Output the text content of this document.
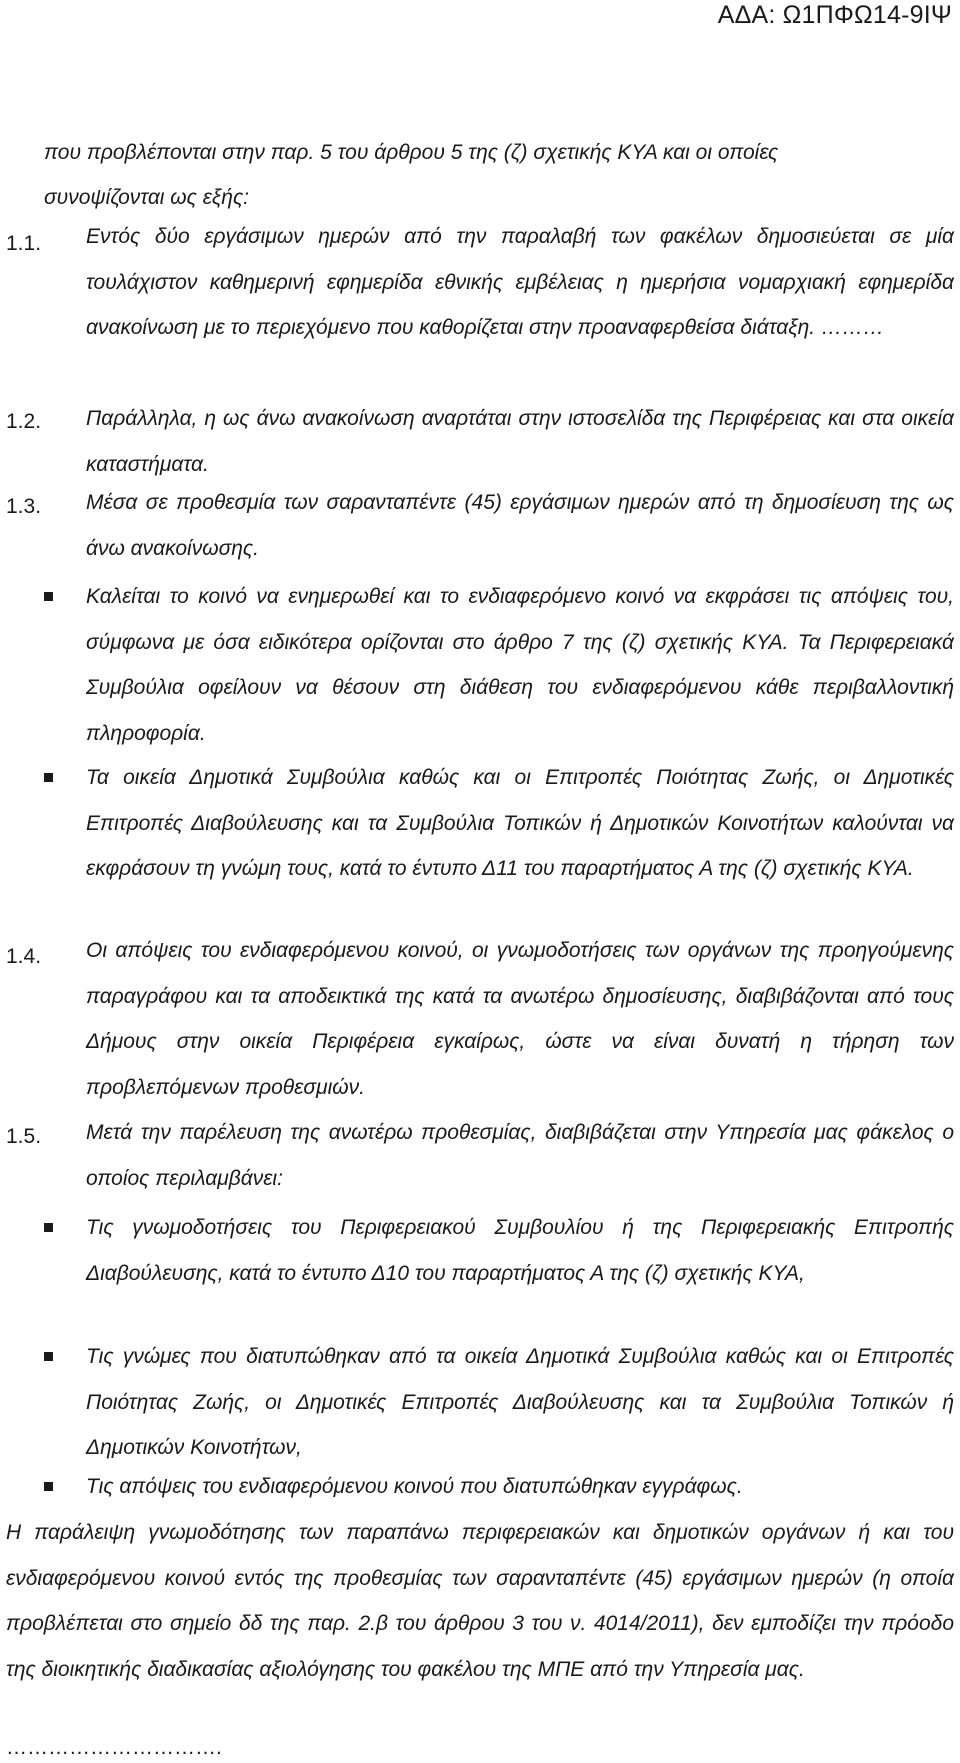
ΑΔΑ: Ω1ΠΦΩ14-9ΙΨ
που προβλέπονται στην παρ. 5 του άρθρου 5 της (ζ) σχετικής ΚΥΑ και οι οποίες
συνοψίζονται ως εξής:
1.1. Εντός δύο εργάσιμων ημερών από την παραλαβή των φακέλων δημοσιεύεται σε μία τουλάχιστον καθημερινή εφημερίδα εθνικής εμβέλειας η ημερήσια νομαρχιακή εφημερίδα ανακοίνωση με το περιεχόμενο που καθορίζεται στην προαναφερθείσα διάταξη. ………
1.2. Παράλληλα, η ως άνω ανακοίνωση αναρτάται στην ιστοσελίδα της Περιφέρειας και στα οικεία καταστήματα.
1.3. Μέσα σε προθεσμία των σαρανταπέντε (45) εργάσιμων ημερών από τη δημοσίευση της ως άνω ανακοίνωσης.
Καλείται το κοινό να ενημερωθεί και το ενδιαφερόμενο κοινό να εκφράσει τις απόψεις του, σύμφωνα με όσα ειδικότερα ορίζονται στο άρθρο 7 της (ζ) σχετικής ΚΥΑ. Τα Περιφερειακά Συμβούλια οφείλουν να θέσουν στη διάθεση του ενδιαφερόμενου κάθε περιβαλλοντική πληροφορία.
Τα οικεία Δημοτικά Συμβούλια καθώς και οι Επιτροπές Ποιότητας Ζωής, οι Δημοτικές Επιτροπές Διαβούλευσης και τα Συμβούλια Τοπικών ή Δημοτικών Κοινοτήτων καλούνται να εκφράσουν τη γνώμη τους, κατά το έντυπο Δ11 του παραρτήματος Α της (ζ) σχετικής ΚΥΑ.
1.4. Οι απόψεις του ενδιαφερόμενου κοινού, οι γνωμοδοτήσεις των οργάνων της προηγούμενης παραγράφου και τα αποδεικτικά της κατά τα ανωτέρω δημοσίευσης, διαβιβάζονται από τους Δήμους στην οικεία Περιφέρεια εγκαίρως, ώστε να είναι δυνατή η τήρηση των προβλεπόμενων προθεσμιών.
1.5. Μετά την παρέλευση της ανωτέρω προθεσμίας, διαβιβάζεται στην Υπηρεσία μας φάκελος ο οποίος περιλαμβάνει:
Τις γνωμοδοτήσεις του Περιφερειακού Συμβουλίου ή της Περιφερειακής Επιτροπής Διαβούλευσης, κατά το έντυπο Δ10 του παραρτήματος Α της (ζ) σχετικής ΚΥΑ,
Τις γνώμες που διατυπώθηκαν από τα οικεία Δημοτικά Συμβούλια καθώς και οι Επιτροπές Ποιότητας Ζωής, οι Δημοτικές Επιτροπές Διαβούλευσης και τα Συμβούλια Τοπικών ή Δημοτικών Κοινοτήτων,
Τις απόψεις του ενδιαφερόμενου κοινού που διατυπώθηκαν εγγράφως.
Η παράλειψη γνωμοδότησης των παραπάνω περιφερειακών και δημοτικών οργάνων ή και του ενδιαφερόμενου κοινού εντός της προθεσμίας των σαρανταπέντε (45) εργάσιμων ημερών (η οποία προβλέπεται στο σημείο δδ της παρ. 2.β του άρθρου 3 του ν. 4014/2011), δεν εμποδίζει την πρόοδο της διοικητικής διαδικασίας αξιολόγησης του φακέλου της ΜΠΕ από την Υπηρεσία μας.
………………………….
